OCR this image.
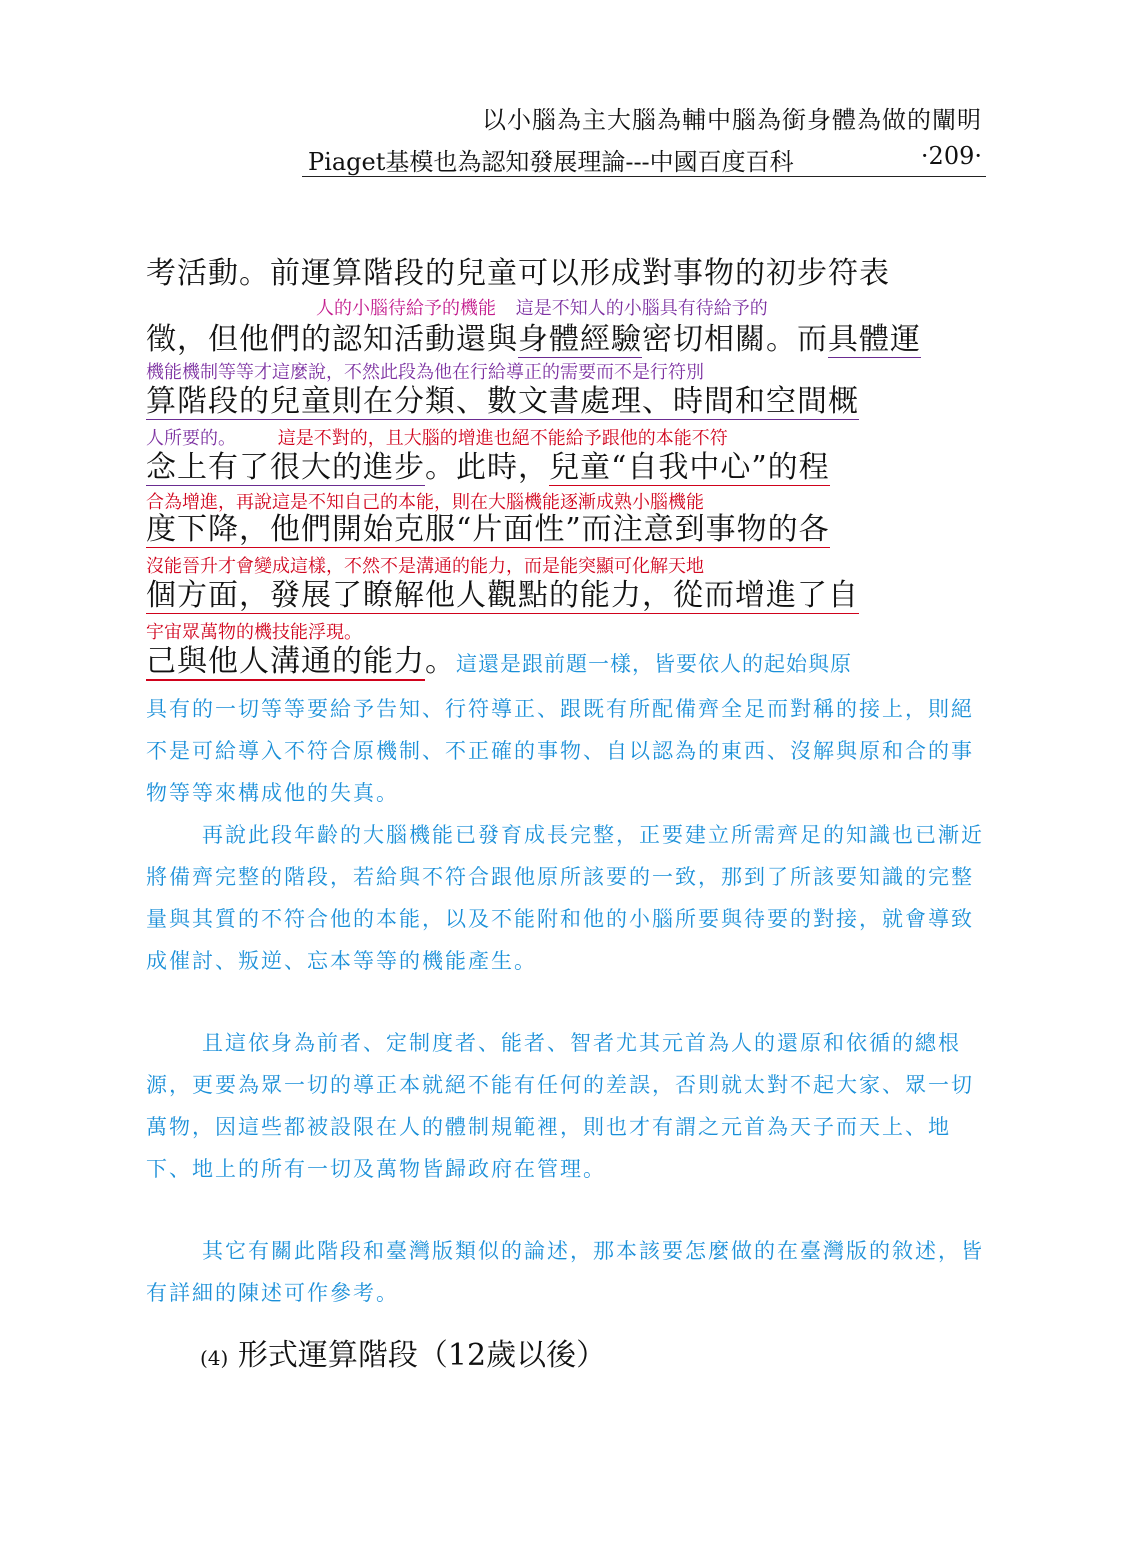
以小腦為主大腦為輔中腦為銜身體為做的闡明
Piaget基模也為認知發展理論---中國百度百科	·209·
考活動。前運算階段的兒童可以形成對事物的初步符表
人的小腦待給予的機能 這是不知人的小腦具有待給予的
徵，但他們的認知活動還與身體經驗密切相關。而具體運
機能機制等等才這麼說，不然此段為他在行給導正的需要而不是行符別
算階段的兒童則在分類、數文書處理、時間和空間概
人所要的。 這是不對的，且大腦的增進也絕不能給予跟他的本能不符
念上有了很大的進步。此時，兒童“自我中心”的程
合為增進，再說這是不知自己的本能，則在大腦機能逐漸成熟小腦機能
度下降，他們開始克服“片面性”而注意到事物的各
沒能晉升才會變成這樣，不然不是溝通的能力，而是能突顯可化解天地
個方面，發展了瞭解他人觀點的能力，從而增進了自
宇宙眾萬物的機技能浮現。
己與他人溝通的能力。這還是跟前題一樣，皆要依人的起始與原
具有的一切等等要給予告知、行符導正、跟既有所配備齊全足而對稱的接上，則絕不是可給導入不符合原機制、不正確的事物、自以認為的東西、沒解與原和合的事物等等來構成他的失真。
再說此段年齡的大腦機能已發育成長完整，正要建立所需齊足的知識也已漸近將備齊完整的階段，若給與不符合跟他原所該要的一致，那到了所該要知識的完整量與其質的不符合他的本能，以及不能附和他的小腦所要與待要的對接，就會導致成催討、叛逆、忘本等等的機能產生。
且這依身為前者、定制度者、能者、智者尤其元首為人的還原和依循的總根源，更要為眾一切的導正本就絕不能有任何的差誤，否則就太對不起大家、眾一切萬物，因這些都被設限在人的體制規範裡，則也才有謂之元首為天子而天上、地下、地上的所有一切及萬物皆歸政府在管理。
其它有關此階段和臺灣版類似的論述，那本該要怎麼做的在臺灣版的敘述，皆有詳細的陳述可作參考。
(4) 形式運算階段（12歲以後）
